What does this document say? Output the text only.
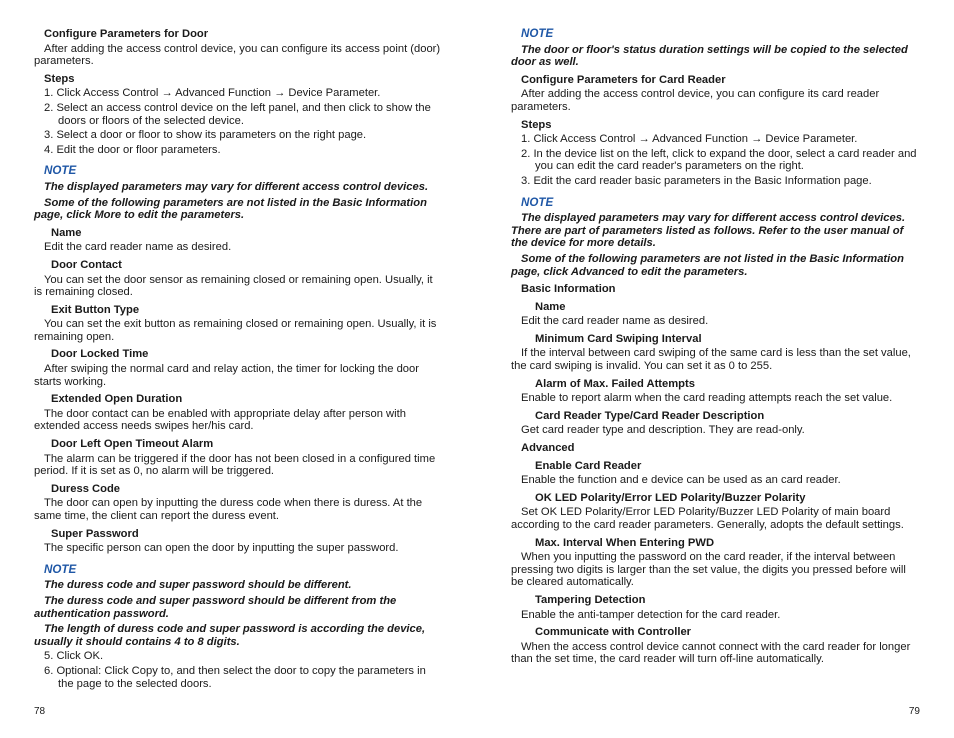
Configure Parameters for Door
After adding the access control device, you can configure its access point (door) parameters.
Steps
1. Click Access Control → Advanced Function → Device Parameter.
2. Select an access control device on the left panel, and then click to show the doors or floors of the selected device.
3. Select a door or floor to show its parameters on the right page.
4. Edit the door or floor parameters.
NOTE
The displayed parameters may vary for different access control devices.
Some of the following parameters are not listed in the Basic Information page, click More to edit the parameters.
Name
Edit the card reader name as desired.
Door Contact
You can set the door sensor as remaining closed or remaining open. Usually, it is remaining closed.
Exit Button Type
You can set the exit button as remaining closed or remaining open. Usually, it is remaining open.
Door Locked Time
After swiping the normal card and relay action, the timer for locking the door starts working.
Extended Open Duration
The door contact can be enabled with appropriate delay after person with extended access needs swipes her/his card.
Door Left Open Timeout Alarm
The alarm can be triggered if the door has not been closed in a configured time period. If it is set as 0, no alarm will be triggered.
Duress Code
The door can open by inputting the duress code when there is duress. At the same time, the client can report the duress event.
Super Password
The specific person can open the door by inputting the super password.
NOTE
The duress code and super password should be different.
The duress code and super password should be different from the authentication password.
The length of duress code and super password is according the device, usually it should contains 4 to 8 digits.
5. Click OK.
6. Optional: Click Copy to, and then select the door to copy the parameters in the page to the selected doors.
NOTE
The door or floor's status duration settings will be copied to the selected door as well.
Configure Parameters for Card Reader
After adding the access control device, you can configure its card reader parameters.
Steps
1. Click Access Control → Advanced Function → Device Parameter.
2. In the device list on the left, click to expand the door, select a card reader and you can edit the card reader's parameters on the right.
3. Edit the card reader basic parameters in the Basic Information page.
NOTE
The displayed parameters may vary for different access control devices. There are part of parameters listed as follows. Refer to the user manual of the device for more details.
Some of the following parameters are not listed in the Basic Information page, click Advanced to edit the parameters.
Basic Information
Name
Edit the card reader name as desired.
Minimum Card Swiping Interval
If the interval between card swiping of the same card is less than the set value, the card swiping is invalid. You can set it as 0 to 255.
Alarm of Max. Failed Attempts
Enable to report alarm when the card reading attempts reach the set value.
Card Reader Type/Card Reader Description
Get card reader type and description. They are read-only.
Advanced
Enable Card Reader
Enable the function and e device can be used as an card reader.
OK LED Polarity/Error LED Polarity/Buzzer Polarity
Set OK LED Polarity/Error LED Polarity/Buzzer LED Polarity of main board according to the card reader parameters. Generally, adopts the default settings.
Max. Interval When Entering PWD
When you inputting the password on the card reader, if the interval between pressing two digits is larger than the set value, the digits you pressed before will be cleared automatically.
Tampering Detection
Enable the anti-tamper detection for the card reader.
Communicate with Controller
When the access control device cannot connect with the card reader for longer than the set time, the card reader will turn off-line automatically.
78	79
